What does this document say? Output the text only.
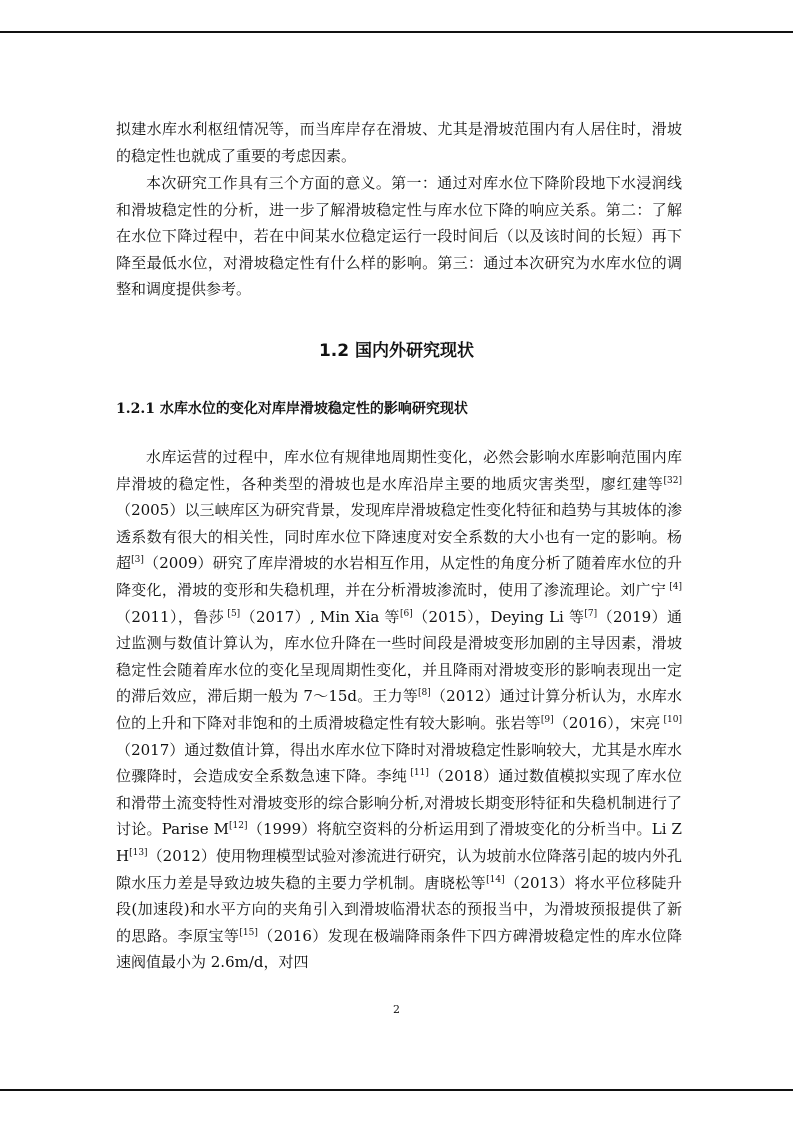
拟建水库水利枢纽情况等，而当库岸存在滑坡、尤其是滑坡范围内有人居住时，滑坡的稳定性也就成了重要的考虑因素。

本次研究工作具有三个方面的意义。第一：通过对库水位下降阶段地下水浸润线和滑坡稳定性的分析，进一步了解滑坡稳定性与库水位下降的响应关系。第二：了解在水位下降过程中，若在中间某水位稳定运行一段时间后（以及该时间的长短）再下降至最低水位，对滑坡稳定性有什么样的影响。第三：通过本次研究为水库水位的调整和调度提供参考。

1.2 国内外研究现状
1.2.1 水库水位的变化对库岸滑坡稳定性的影响研究现状

水库运营的过程中，库水位有规律地周期性变化，必然会影响水库影响范围内库岸滑坡的稳定性，各种类型的滑坡也是水库沿岸主要的地质灾害类型，廖红建等[32]（2005）以三峡库区为研究背景，发现库岸滑坡稳定性变化特征和趋势与其坡体的渗透系数有很大的相关性，同时库水位下降速度对安全系数的大小也有一定的影响。杨超[3]（2009）研究了库岸滑坡的水岩相互作用，从定性的角度分析了随着库水位的升降变化，滑坡的变形和失稳机理，并在分析滑坡渗流时，使用了渗流理论。刘广宁 [4]（2011），鲁莎 [5]（2017）, Min Xia 等[6]（2015），Deying Li 等[7]（2019）通过监测与数值计算认为，库水位升降在一些时间段是滑坡变形加剧的主导因素，滑坡稳定性会随着库水位的变化呈现周期性变化，并且降雨对滑坡变形的影响表现出一定的滞后效应，滞后期一般为 7～15d。王力等[8]（2012）通过计算分析认为，水库水位的上升和下降对非饱和的土质滑坡稳定性有较大影响。张岩等[9]（2016），宋亮 [10]（2017）通过数值计算，得出水库水位下降时对滑坡稳定性影响较大，尤其是水库水位骤降时，会造成安全系数急速下降。李纯 [11]（2018）通过数值模拟实现了库水位和滑带土流变特性对滑坡变形的综合影响分析,对滑坡长期变形特征和失稳机制进行了讨论。Parise M[12]（1999）将航空资料的分析运用到了滑坡变化的分析当中。Li Z H[13]（2012）使用物理模型试验对渗流进行研究，认为坡前水位降落引起的坡内外孔隙水压力差是导致边坡失稳的主要力学机制。唐晓松等[14]（2013）将水平位移陡升段(加速段)和水平方向的夹角引入到滑坡临滑状态的预报当中，为滑坡预报提供了新的思路。李原宝等[15]（2016）发现在极端降雨条件下四方碑滑坡稳定性的库水位降速阀值最小为 2.6m/d，对四

2
